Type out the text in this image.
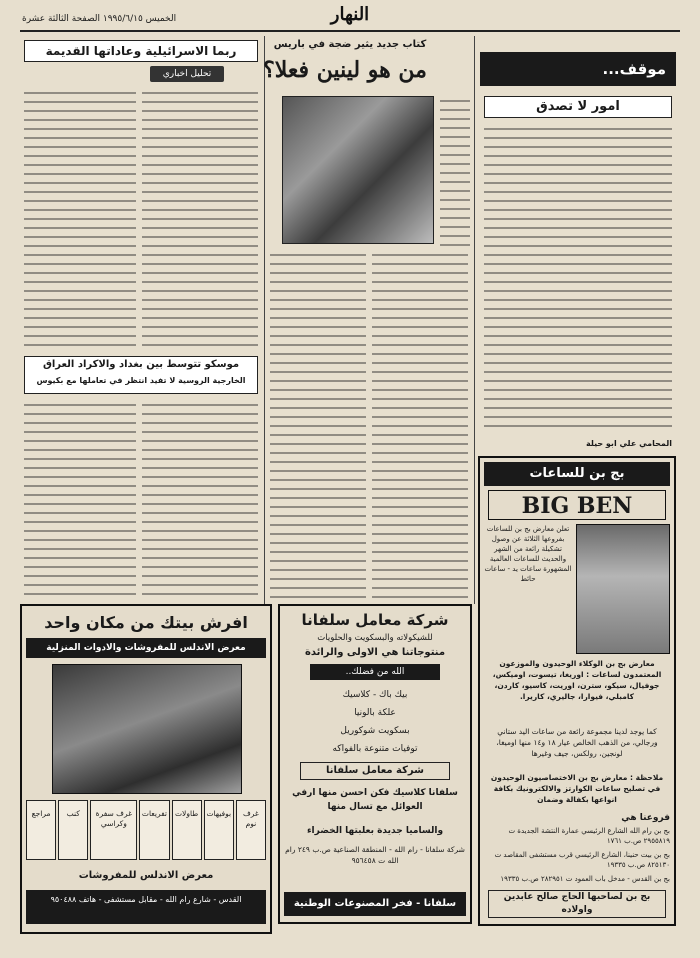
الخميس ١٩٩٥/٦/١٥ الصفحة الثالثة عشرة	النهار
ربما الاسرائيلية وعاداتها القديمة
تحليل اخباري
موسكو تتوسط بين بغداد والاكراد العراق
الخارجية الروسية لا تفيد انتظر في تعاملها مع بكيوس
كتاب جديد يثير ضجة في باريس
من هو لينين فعلا؟	موقف...
امور لا تصدق
المحامي علي ابو حيلة
بج بن للساعات
BIG BEN
تعلن معارض بج بن للساعات بفروعها الثلاثة عن وصول تشكيلة رائعة من الشهر والحديث للساعات العالمية المشهورة ساعات يد - ساعات حائط
معارض بج بن الوكلاء الوحيدون والموزعون المعتمدون لساعات : اوريغا، تيسوت، اوميكس، جوفيال، سيكو، سترن، اوريت، كاسيو، كاردن، كامبلي، فيوارا، جاليري، كاريرا.
كما يوجد لدينا مجموعة رائعة من ساعات اليد ستاني ورجالي، من الذهب الخالص عيار ١٨ و١٤ منها اوميغا، لونجين، رولكس، جيف وغيرها
ملاحظة : معارض بج بن الاختصاصيون الوحيدون في تصليح ساعات الكوارتز والالكترونيك بكافة انواعها بكفالة وضمان
فروعنا هي
بج بن رام الله الشارع الرئيسي عمارة النتشة الجديدة ت ٢٩٥٥٨١٩ ص.ب ١٧٦١
بج بن بيت حنينا، الشارع الرئيسي قرب مستشفى المقاصد ت ٨٢٥١٣٠ ص.ب ١٩٣٣٥
بج بن القدس - مدخل باب العمود ت ٢٨٢٩٥١ ص.ب ١٩٣٣٥
بج بن لصاحبها الحاج صالح عابدين واولاده
شركة معامل سلفانا
للشيكولاته والبسكويت والحلويات
منتوجاتنا هي الاولى والرائدة
الله من فضلك..
بيك باك - كلاسيك
علكة بالونيا
بسكويت شوكوريل
توفيات متنوعة بالفواكه
شركة معامل سلفانا
سلفانا كلاسيك فكن احسن منها ارفي العوائل مع تسال منها
والساميا جديدة بعلبتها الخضراء
شركة سلفانا - رام الله - المنطقة الصناعية ص.ب ٢٤٩ رام الله ت ٩٥٦٤٥٨
سلفانا - فخر المصنوعات الوطنية
افرش بيتك من مكان واحد
معرض الاندلس للمفروشات والادوات المنزلية
غرف نوم
بوفيهات
طاولات
تفريعات
غرف سفرة وكراسي
كنب
مراجع
معرض الاندلس للمفروشات
القدس - شارع رام الله - مقابل مستشفى - هاتف ٩٥٠٤٨٨
